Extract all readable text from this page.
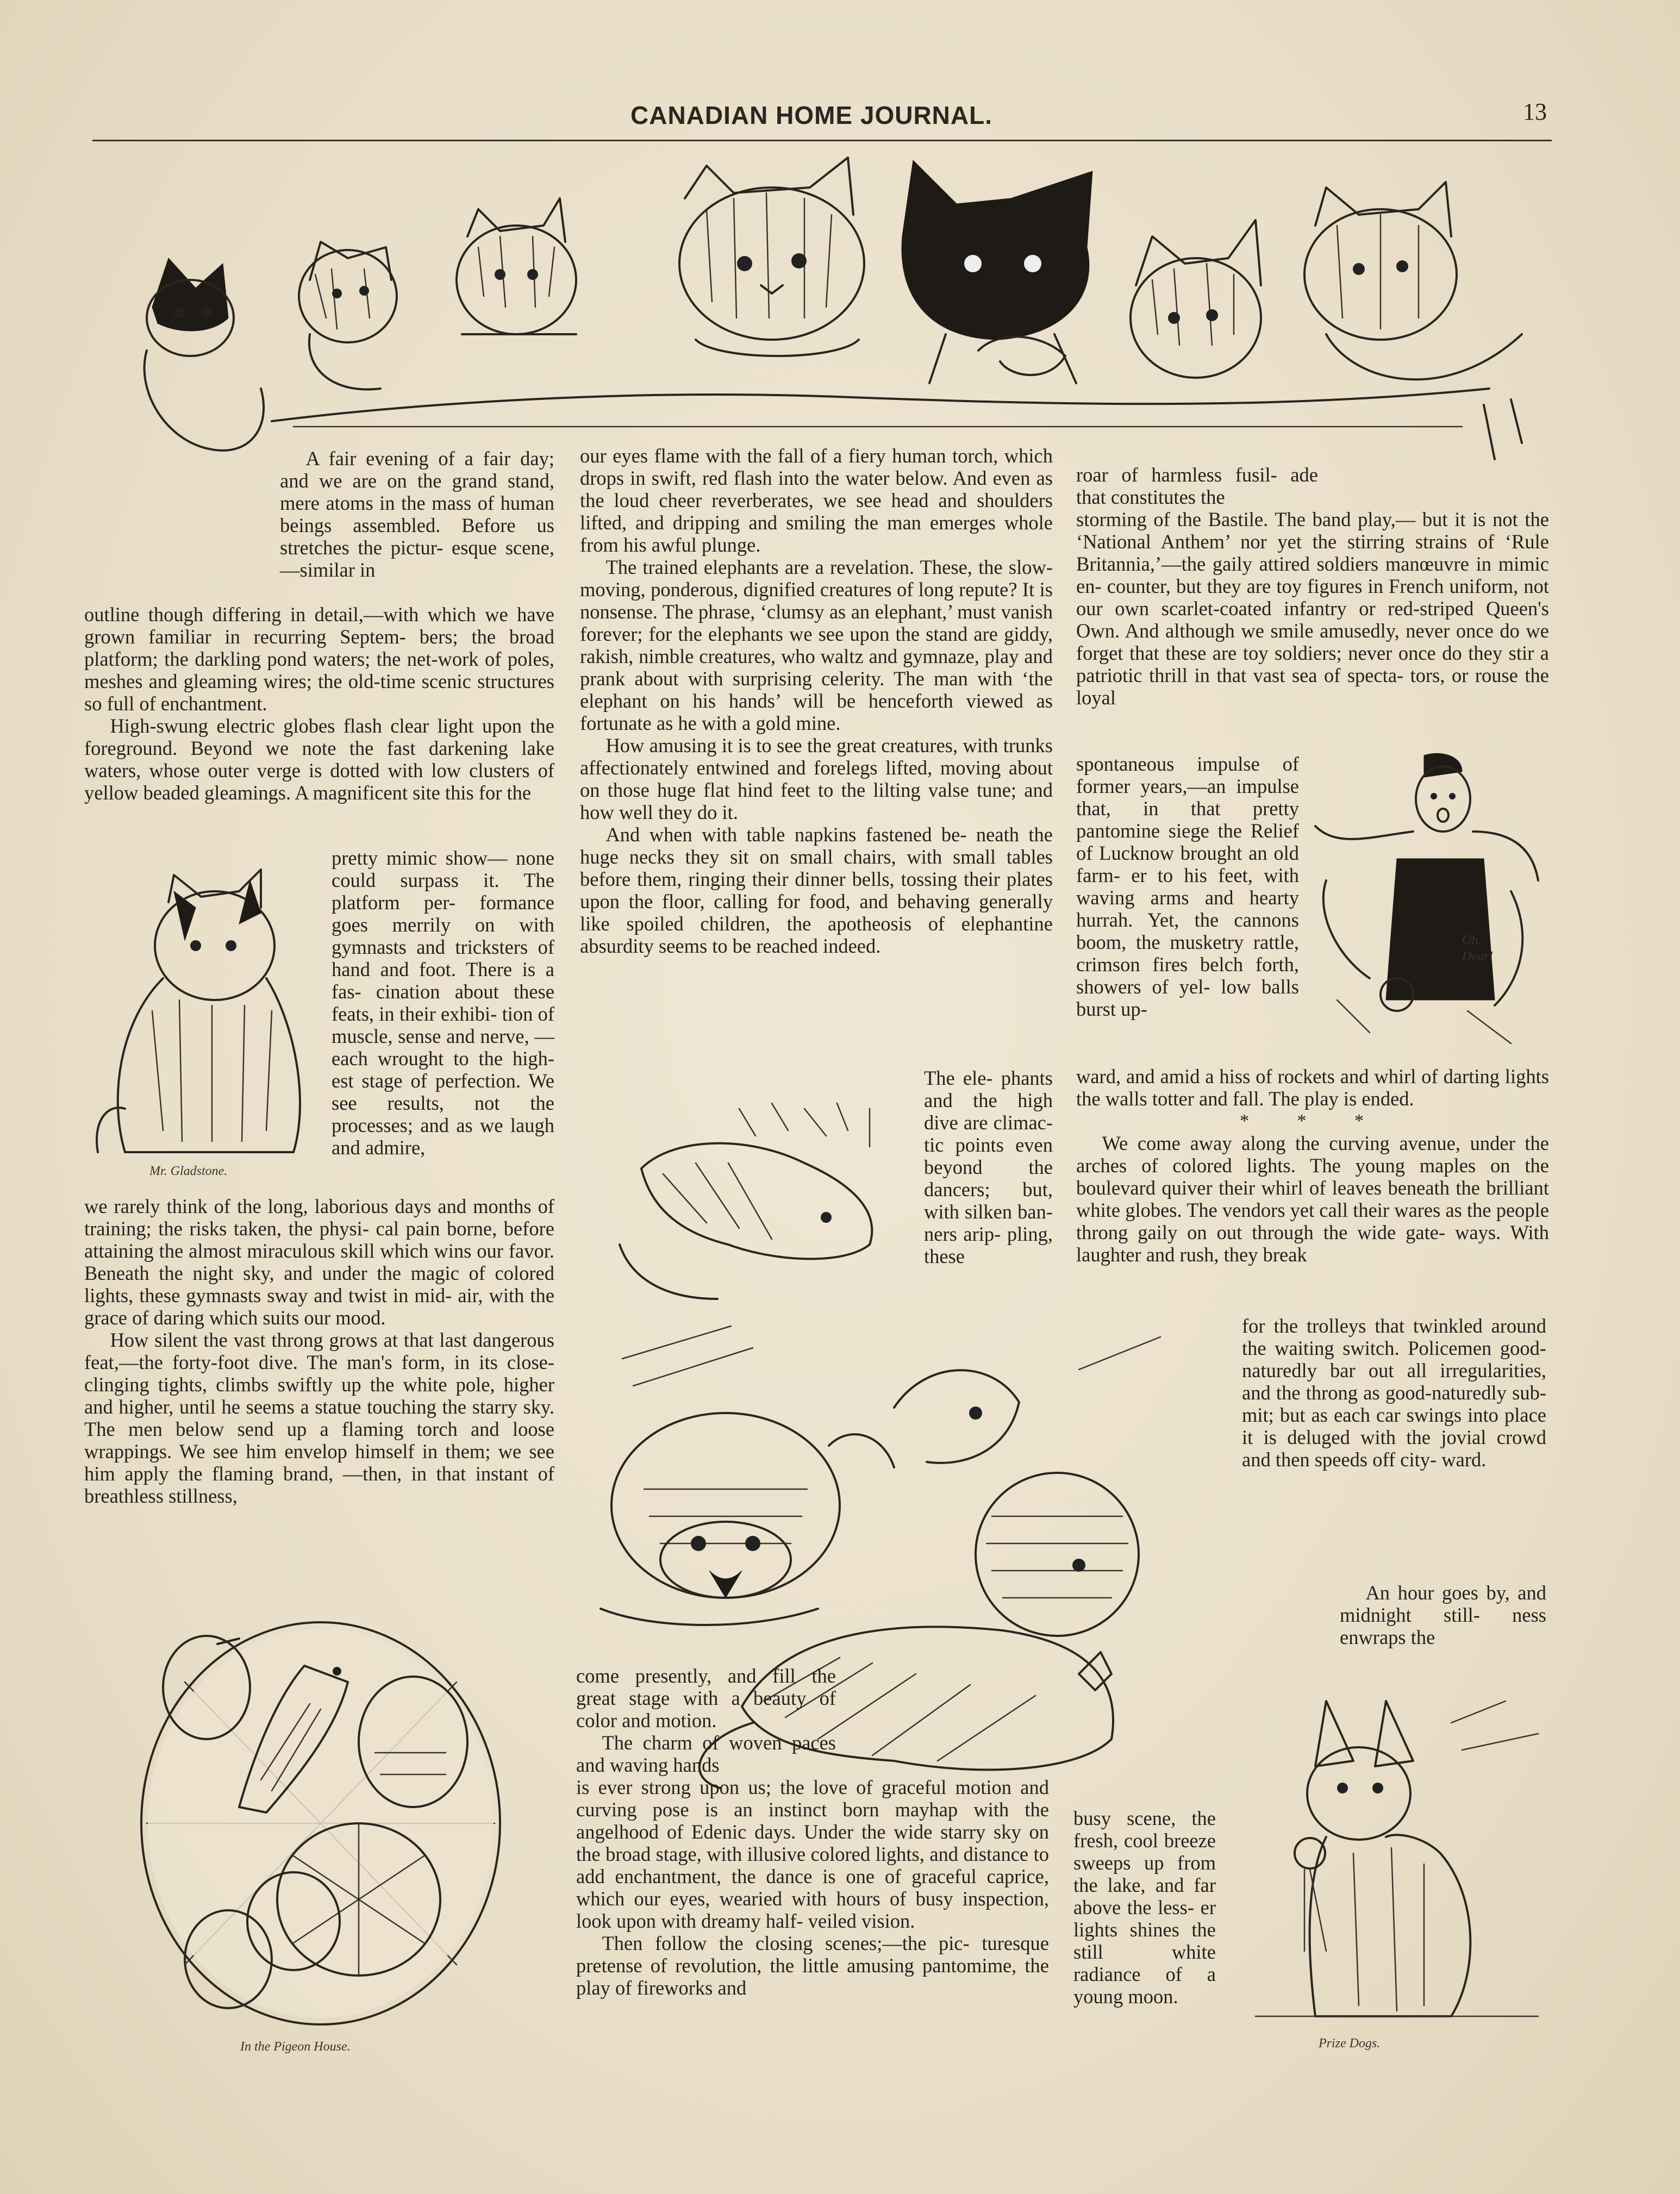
CANADIAN HOME JOURNAL.	13

A fair evening of a fair day; and we are on the grand stand, mere atoms in the mass of human beings assembled. Before us stretches the pictur- esque scene,—similar in

outline though differing in detail,—with which we have grown familiar in recurring Septem- bers; the broad platform; the darkling pond waters; the net-work of poles, meshes and gleaming wires; the old-time scenic structures so full of enchantment.

High-swung electric globes flash clear light upon the foreground. Beyond we note the fast darkening lake waters, whose outer verge is dotted with low clusters of yellow beaded gleamings. A magnificent site this for the

Mr. Gladstone.

pretty mimic show— none could surpass it. The platform per- formance goes merrily on with gymnasts and tricksters of hand and foot. There is a fas- cination about these feats, in their exhibi- tion of muscle, sense and nerve, — each wrought to the high- est stage of perfection. We see results, not the processes; and as we laugh and admire,

we rarely think of the long, laborious days and months of training; the risks taken, the physi- cal pain borne, before attaining the almost miraculous skill which wins our favor. Beneath the night sky, and under the magic of colored lights, these gymnasts sway and twist in mid- air, with the grace of daring which suits our mood.

How silent the vast throng grows at that last dangerous feat,—the forty-foot dive. The man's form, in its close-clinging tights, climbs swiftly up the white pole, higher and higher, until he seems a statue touching the starry sky. The men below send up a flaming torch and loose wrappings. We see him envelop himself in them; we see him apply the flaming brand, —then, in that instant of breathless stillness,

In the Pigeon House.

our eyes flame with the fall of a fiery human torch, which drops in swift, red flash into the water below. And even as the loud cheer reverberates, we see head and shoulders lifted, and dripping and smiling the man emerges whole from his awful plunge.

The trained elephants are a revelation. These, the slow-moving, ponderous, dignified creatures of long repute? It is nonsense. The phrase, ‘clumsy as an elephant,’ must vanish forever; for the elephants we see upon the stand are giddy, rakish, nimble creatures, who waltz and gymnaze, play and prank about with surprising celerity. The man with ‘the elephant on his hands’ will be henceforth viewed as fortunate as he with a gold mine.

How amusing it is to see the great creatures, with trunks affectionately entwined and forelegs lifted, moving about on those huge flat hind feet to the lilting valse tune; and how well they do it.

And when with table napkins fastened be- neath the huge necks they sit on small chairs, with small tables before them, ringing their dinner bells, tossing their plates upon the floor, calling for food, and behaving generally like spoiled children, the apotheosis of elephantine absurdity seems to be reached indeed.

The ele- phants and the high dive are climac- tic points even beyond the dancers; but, with silken ban- ners arip- pling, these

come presently, and fill the great stage with a beauty of color and motion.

The charm of woven paces and waving hands

is ever strong upon us; the love of graceful motion and curving pose is an instinct born mayhap with the angelhood of Edenic days. Under the wide starry sky on the broad stage, with illusive colored lights, and distance to add enchantment, the dance is one of graceful caprice, which our eyes, wearied with hours of busy inspection, look upon with dreamy half- veiled vision.

Then follow the closing scenes;—the pic- turesque pretense of revolution, the little amusing pantomime, the play of fireworks and

roar of harmless fusil- ade that constitutes the

storming of the Bastile. The band play,— but it is not the ‘National Anthem’ nor yet the stirring strains of ‘Rule Britannia,’—the gaily attired soldiers manœuvre in mimic en- counter, but they are toy figures in French uniform, not our own scarlet-coated infantry or red-striped Queen's Own. And although we smile amusedly, never once do we forget that these are toy soldiers; never once do they stir a patriotic thrill in that vast sea of specta- tors, or rouse the loyal

Oh, Dear!

spontaneous impulse of former years,—an impulse that, in that pretty pantomine siege the Relief of Lucknow brought an old farm- er to his feet, with waving arms and hearty hurrah. Yet, the cannons boom, the musketry rattle, crimson fires belch forth, showers of yel- low balls burst up-

ward, and amid a hiss of rockets and whirl of darting lights the walls totter and fall. The play is ended.

* * *

We come away along the curving avenue, under the arches of colored lights. The young maples on the boulevard quiver their whirl of leaves beneath the brilliant white globes. The vendors yet call their wares as the people throng gaily on out through the wide gate- ways. With laughter and rush, they break

for the trolleys that twinkled around the waiting switch. Policemen good-naturedly bar out all irregularities, and the throng as good-naturedly sub- mit; but as each car swings into place it is deluged with the jovial crowd and then speeds off city- ward.

An hour goes by, and midnight still- ness enwraps the

Prize Dogs.

busy scene, the fresh, cool breeze sweeps up from the lake, and far above the less- er lights shines the still white radiance of a young moon.
